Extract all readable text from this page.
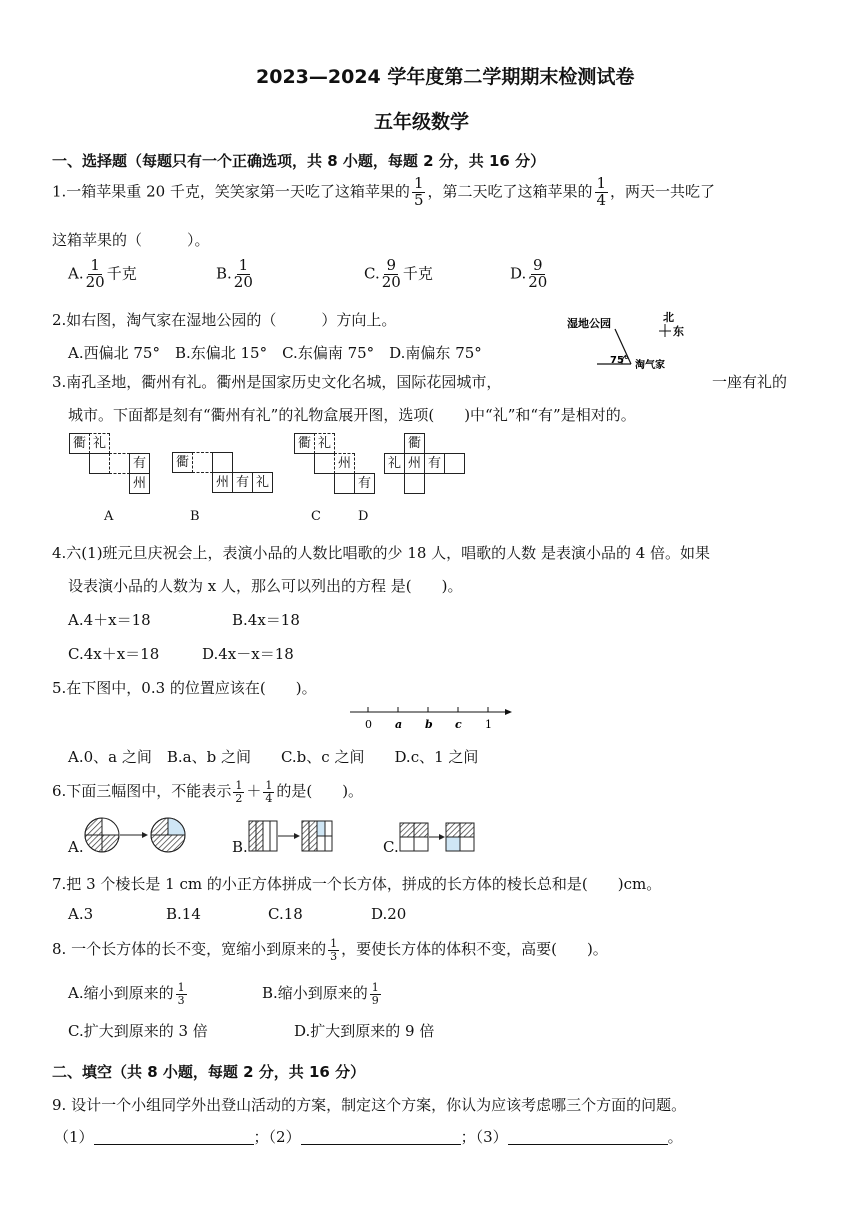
2023—2024 学年度第二学期期末检测试卷
五年级数学
一、选择题（每题只有一个正确选项，共 8 小题，每题 2 分，共 16 分）
1.一箱苹果重 20 千克，笑笑家第一天吃了这箱苹果的 $\frac{1}{5}$ ，第二天吃了这箱苹果的 $\frac{1}{4}$ ，两天一共吃了
这箱苹果的（　　　）。
A. $\frac{1}{20}$ 千克	B. $\frac{1}{20}$	C. $\frac{9}{20}$ 千克	D. $\frac{9}{20}$
2.如右图，淘气家在湿地公园的（　　　）方向上。
A.西偏北 75°　B.东偏北 15°　C.东偏南 75°　D.南偏东 75°
湿地公园	北
东
75° 淘气家
3.南孔圣地，衢州有礼。衢州是国家历史文化名城，国际花园城市，	一座有礼的
城市。下面都是刻有“衢州有礼”的礼物盒展开图，选项(　　)中“礼”和“有”是相对的。
衢 礼
有
州
A
衢
州 有 礼
B
衢 礼
州
有
C
衢
礼 州 有
D
4.六(1)班元旦庆祝会上，表演小品的人数比唱歌的少 18 人，唱歌的人数 是表演小品的 4 倍。如果
设表演小品的人数为 x 人，那么可以列出的方程 是(　　)。
A.4＋x＝18	B.4x＝18
C.4x＋x＝18	D.4x－x＝18
5.在下图中，0.3 的位置应该在(　　)。
0 a b c 1
A.0、a 之间　B.a、b 之间　　C.b、c 之间　　D.c、1 之间
6.下面三幅图中，不能表示 $\frac{1}{2} + \frac{1}{4}$ 的是(　　)。
A.	B.	C.
7.把 3 个棱长是 1 cm 的小正方体拼成一个长方体，拼成的长方体的棱长总和是(　　)cm。
A.3	B.14	C.18	D.20
8. 一个长方体的长不变，宽缩小到原来的 $\frac{1}{3}$ ，要使长方体的体积不变，高要(　　)。
A.缩小到原来的 $\frac{1}{3}$	B.缩小到原来的 $\frac{1}{9}$
C.扩大到原来的 3 倍	D.扩大到原来的 9 倍
二、填空（共 8 小题，每题 2 分，共 16 分）
9. 设计一个小组同学外出登山活动的方案，制定这个方案，你认为应该考虑哪三个方面的问题。
（1）	；（2）	；（3）	。
